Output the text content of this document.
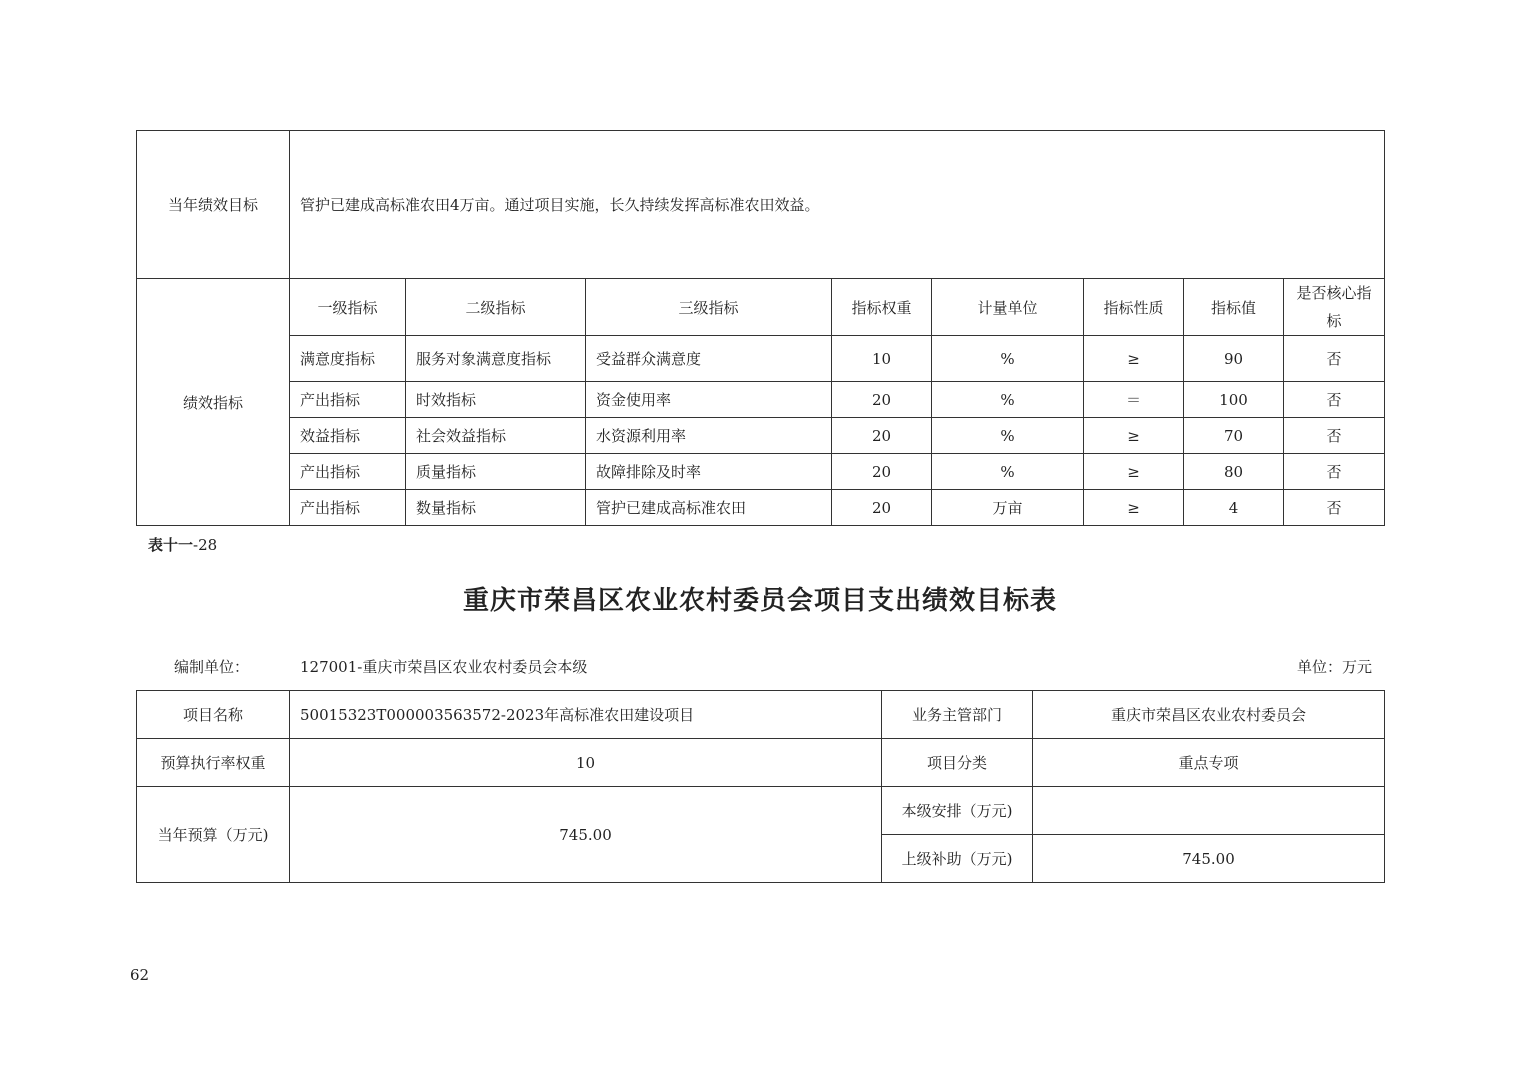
当年绩效目标	管护已建成高标准农田4万亩。通过项目实施，长久持续发挥高标准农田效益。							
绩效指标	一级指标	二级指标	三级指标	指标权重	计量单位	指标性质	指标值	是否核心指标
	满意度指标	服务对象满意度指标	受益群众满意度	10	%	≥	90	否
	产出指标	时效指标	资金使用率	20	%	＝	100	否
	效益指标	社会效益指标	水资源利用率	20	%	≥	70	否
	产出指标	质量指标	故障排除及时率	20	%	≥	80	否
	产出指标	数量指标	管护已建成高标准农田	20	万亩	≥	4	否
表十一-28
重庆市荣昌区农业农村委员会项目支出绩效目标表
编制单位：	127001-重庆市荣昌区农业农村委员会本级	单位：万元
项目名称	50015323T000003563572-2023年高标准农田建设项目	业务主管部门	重庆市荣昌区农业农村委员会
预算执行率权重	10	项目分类	重点专项
当年预算（万元)	745.00	本级安排（万元)	
		上级补助（万元)	745.00
62
